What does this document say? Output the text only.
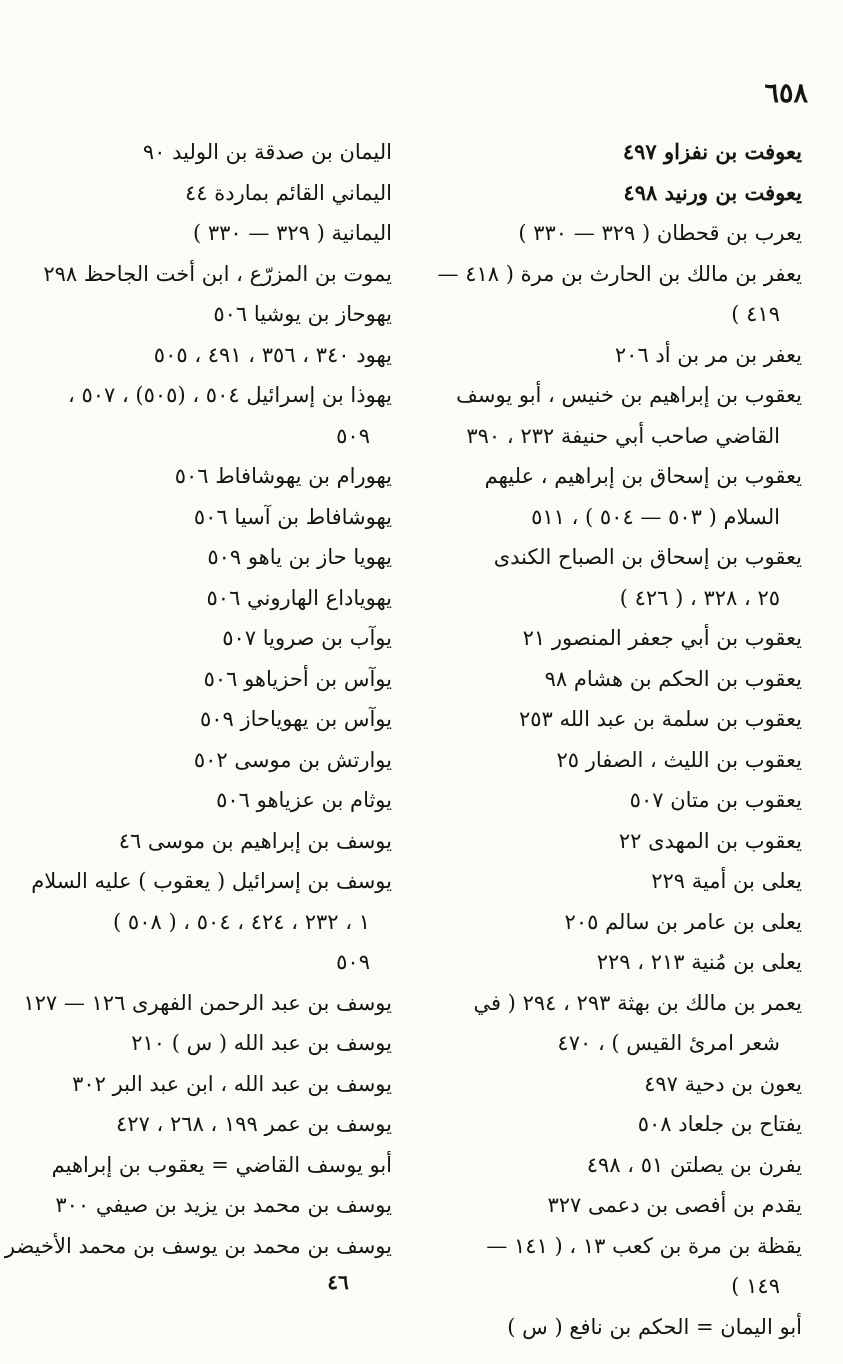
٦٥٨
يعوفت بن نفزاو ٤٩٧
يعوفت بن ورنيد ٤٩٨
يعرب بن قحطان ( ٣٢٩ — ٣٣٠ )
يعفر بن مالك بن الحارث بن مرة ( ٤١٨ —
٤١٩ )
يعفر بن مر بن أد ٢٠٦
يعقوب بن إبراهيم بن خنيس ، أبو يوسف
القاضي صاحب أبي حنيفة ٢٣٢ ، ٣٩٠
يعقوب بن إسحاق بن إبراهيم ، عليهم
السلام ( ٥٠٣ — ٥٠٤ ) ، ٥١١
يعقوب بن إسحاق بن الصباح الكندى
٢٥ ، ٣٢٨ ، ( ٤٢٦ )
يعقوب بن أبي جعفر المنصور ٢١
يعقوب بن الحكم بن هشام ٩٨
يعقوب بن سلمة بن عبد الله ٢٥٣
يعقوب بن الليث ، الصفار ٢٥
يعقوب بن متان ٥٠٧
يعقوب بن المهدى ٢٢
يعلى بن أمية ٢٢٩
يعلى بن عامر بن سالم ٢٠٥
يعلى بن مُنية ٢١٣ ، ٢٢٩
يعمر بن مالك بن بهثة ٢٩٣ ، ٢٩٤ ( في
شعر امرئ القيس ) ، ٤٧٠
يعون بن دحية ٤٩٧
يفتاح بن جلعاد ٥٠٨
يفرن بن يصلتن ٥١ ، ٤٩٨
يقدم بن أفصى بن دعمى ٣٢٧
يقظة بن مرة بن كعب ١٣ ، ( ١٤١ —
١٤٩ )
أبو اليمان = الحكم بن نافع ( س )
اليمان بن صدقة بن الوليد ٩٠
اليماني القائم بماردة ٤٤
اليمانية ( ٣٢٩ — ٣٣٠ )
يموت بن المزرّع ، ابن أخت الجاحظ ٢٩٨
يهوحاز بن يوشيا ٥٠٦
يهود ٣٤٠ ، ٣٥٦ ، ٤٩١ ، ٥٠٥
يهوذا بن إسرائيل ٥٠٤ ، (٥٠٥) ، ٥٠٧ ،
٥٠٩
يهورام بن يهوشافاط ٥٠٦
يهوشافاط بن آسيا ٥٠٦
يهويا حاز بن ياهو ٥٠٩
يهوياداع الهاروني ٥٠٦
يوآب بن صرويا ٥٠٧
يوآس بن أحزياهو ٥٠٦
يوآس بن يهوياحاز ٥٠٩
يوارتش بن موسى ٥٠٢
يوثام بن عزياهو ٥٠٦
يوسف بن إبراهيم بن موسى ٤٦
يوسف بن إسرائيل ( يعقوب ) عليه السلام
١ ، ٢٣٢ ، ٤٢٤ ، ٥٠٤ ، ( ٥٠٨ )
٥٠٩
يوسف بن عبد الرحمن الفهرى ١٢٦ — ١٢٧
يوسف بن عبد الله ( س ) ٢١٠
يوسف بن عبد الله ، ابن عبد البر ٣٠٢
يوسف بن عمر ١٩٩ ، ٢٦٨ ، ٤٢٧
أبو يوسف القاضي = يعقوب بن إبراهيم
يوسف بن محمد بن يزيد بن صيفي ٣٠٠
يوسف بن محمد بن يوسف بن محمد الأخيضر
٤٦
